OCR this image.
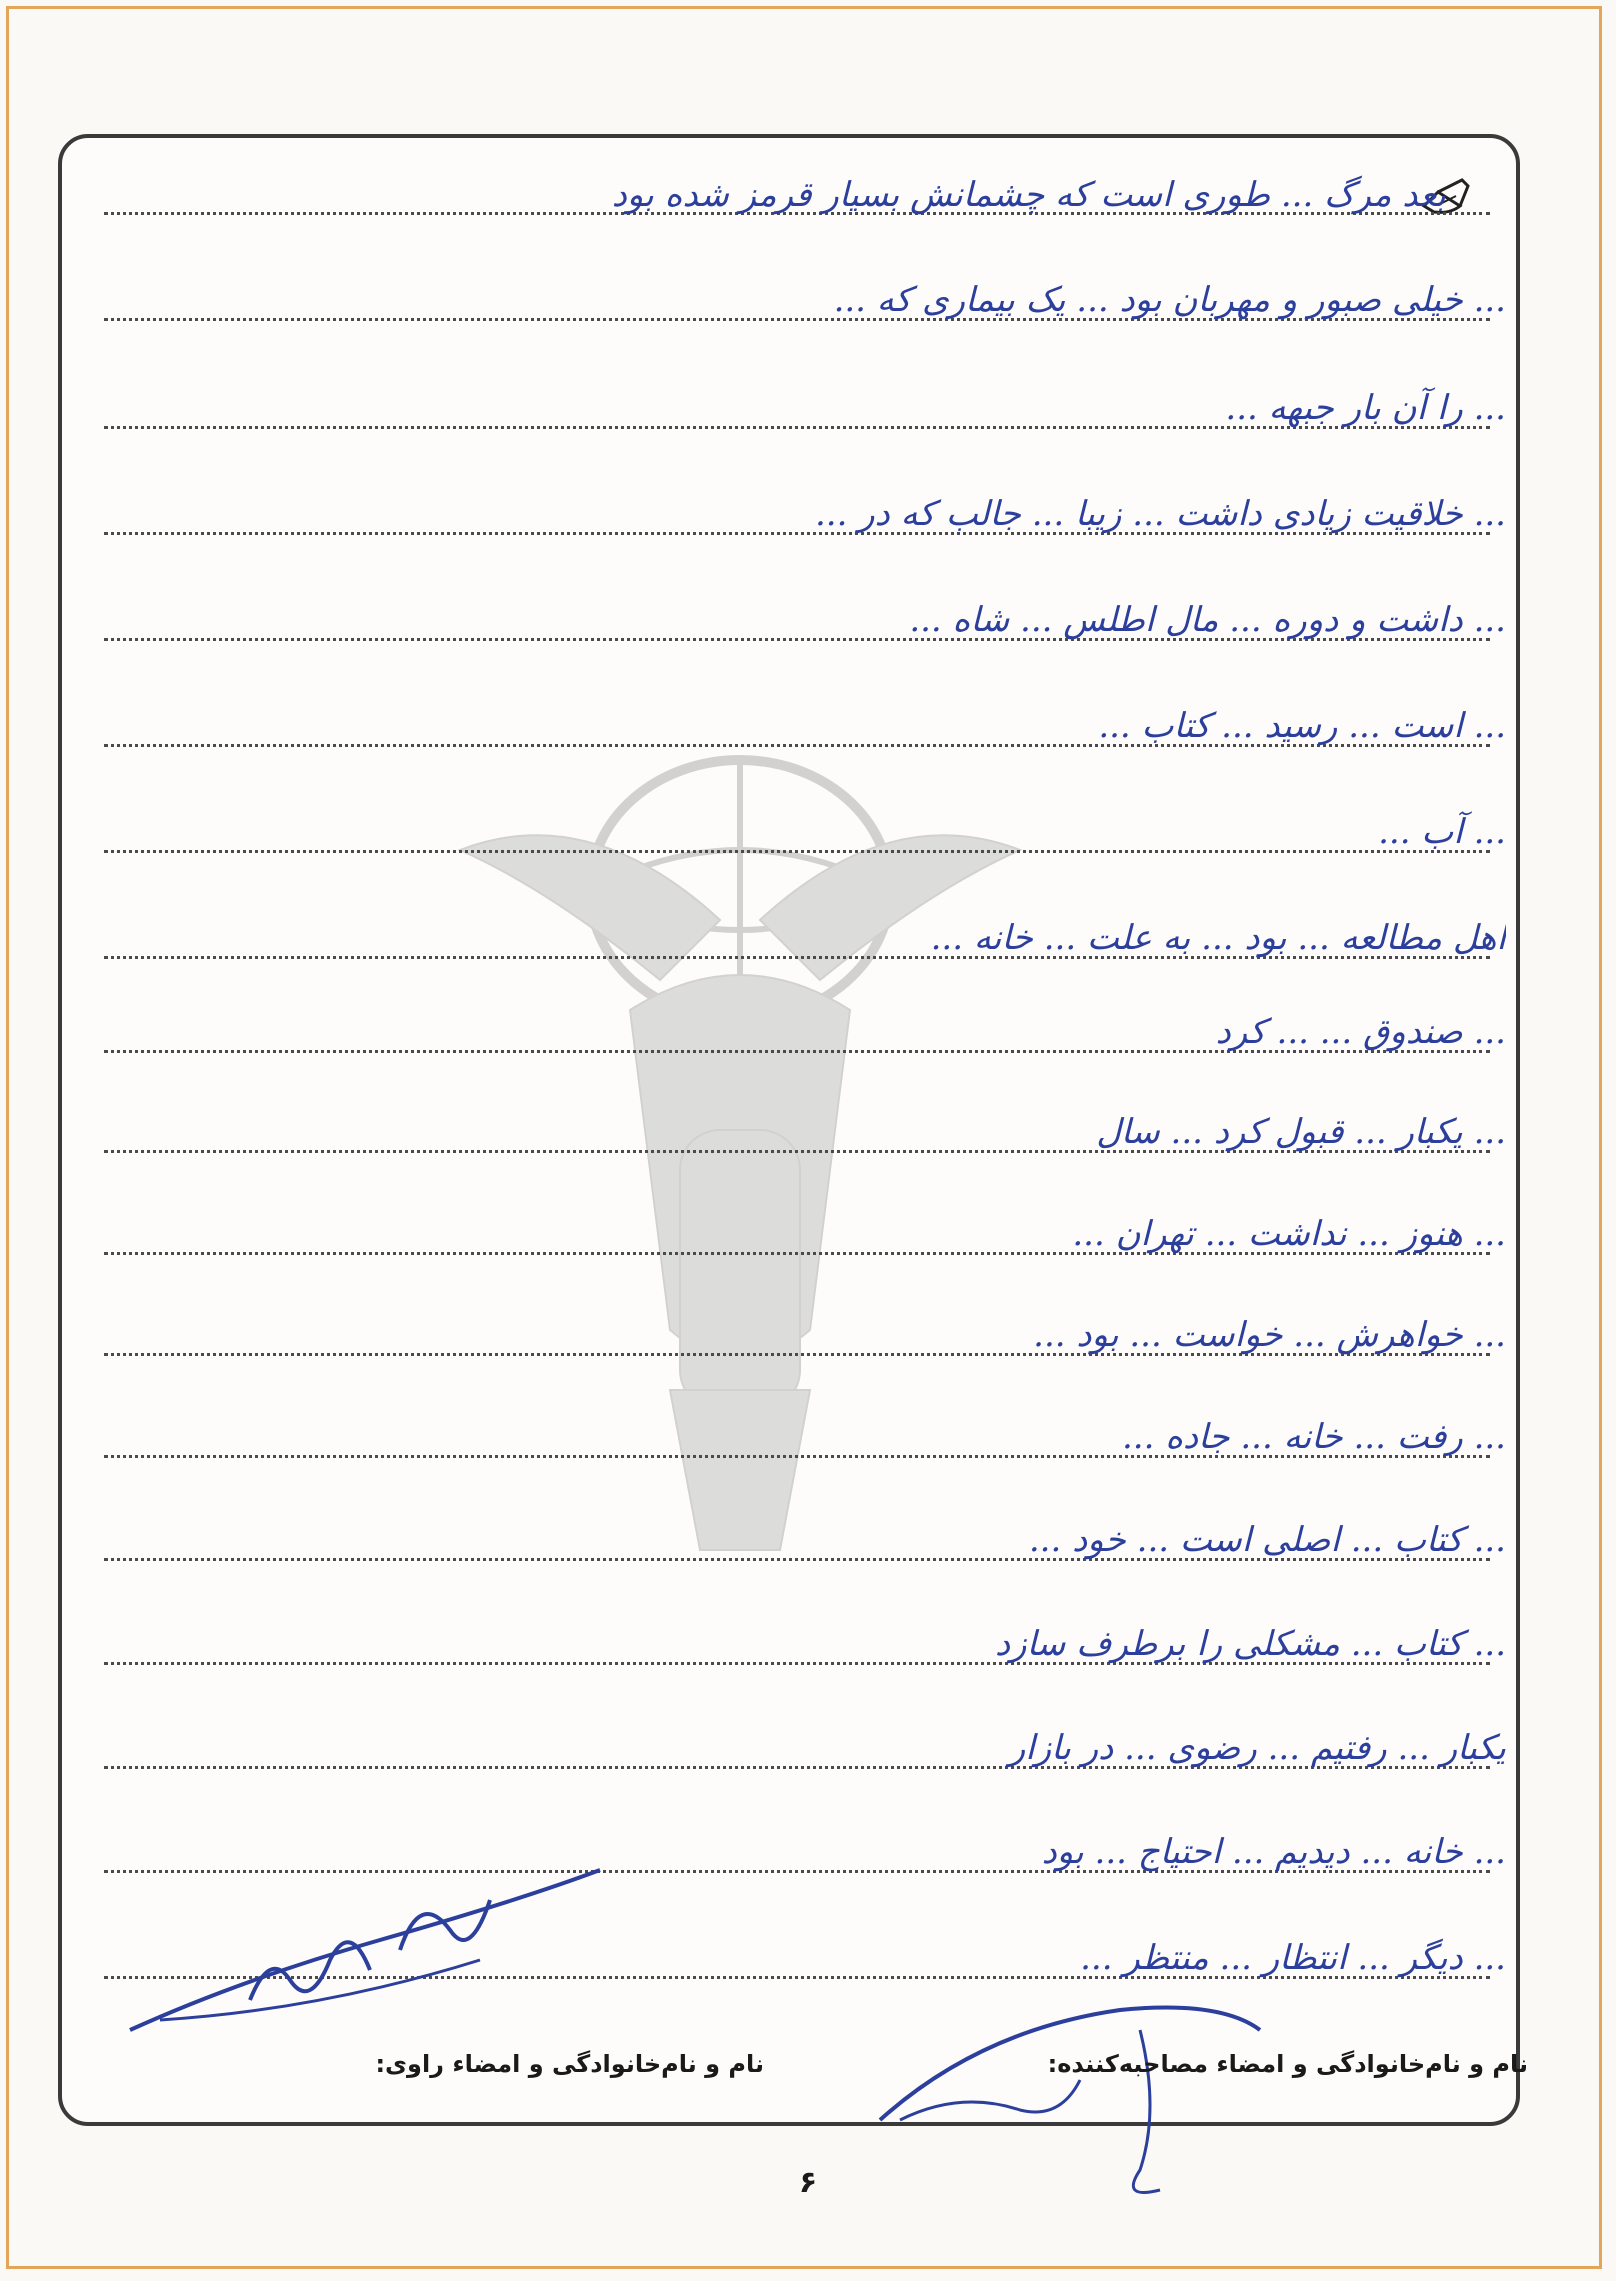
بعد مرگ ... طوری است که چشمانش بسیار قرمز شده بود
... خیلی صبور و مهربان بود ... یک بیماری که ...
... را آن بار جبهه ...
... خلاقیت زیادی داشت ... زیبا ... جالب که در ...
... داشت و دوره ... مال اطلس ... شاه ...
... است ... رسید ... کتاب ...
... آب ...
اهل مطالعه ... بود ... به علت ... خانه ...
... صندوق ... ... کرد
... یکبار ... قبول کرد ... سال
... هنوز ... نداشت ... تهران ...
... خواهرش ... خواست ... بود ...
... رفت ... خانه ... جاده ...
... کتاب ... اصلی است ... خود ...
... کتاب ... مشکلی را برطرف سازد
یکبار ... رفتیم ... رضوی ... در بازار
... خانه ... دیدیم ... احتیاج ... بود
... دیگر ... انتظار ... منتظر ...
نام و نام‌خانوادگی و امضاء مصاحبه‌کننده:
نام و نام‌خانوادگی و امضاء راوی:
۶
